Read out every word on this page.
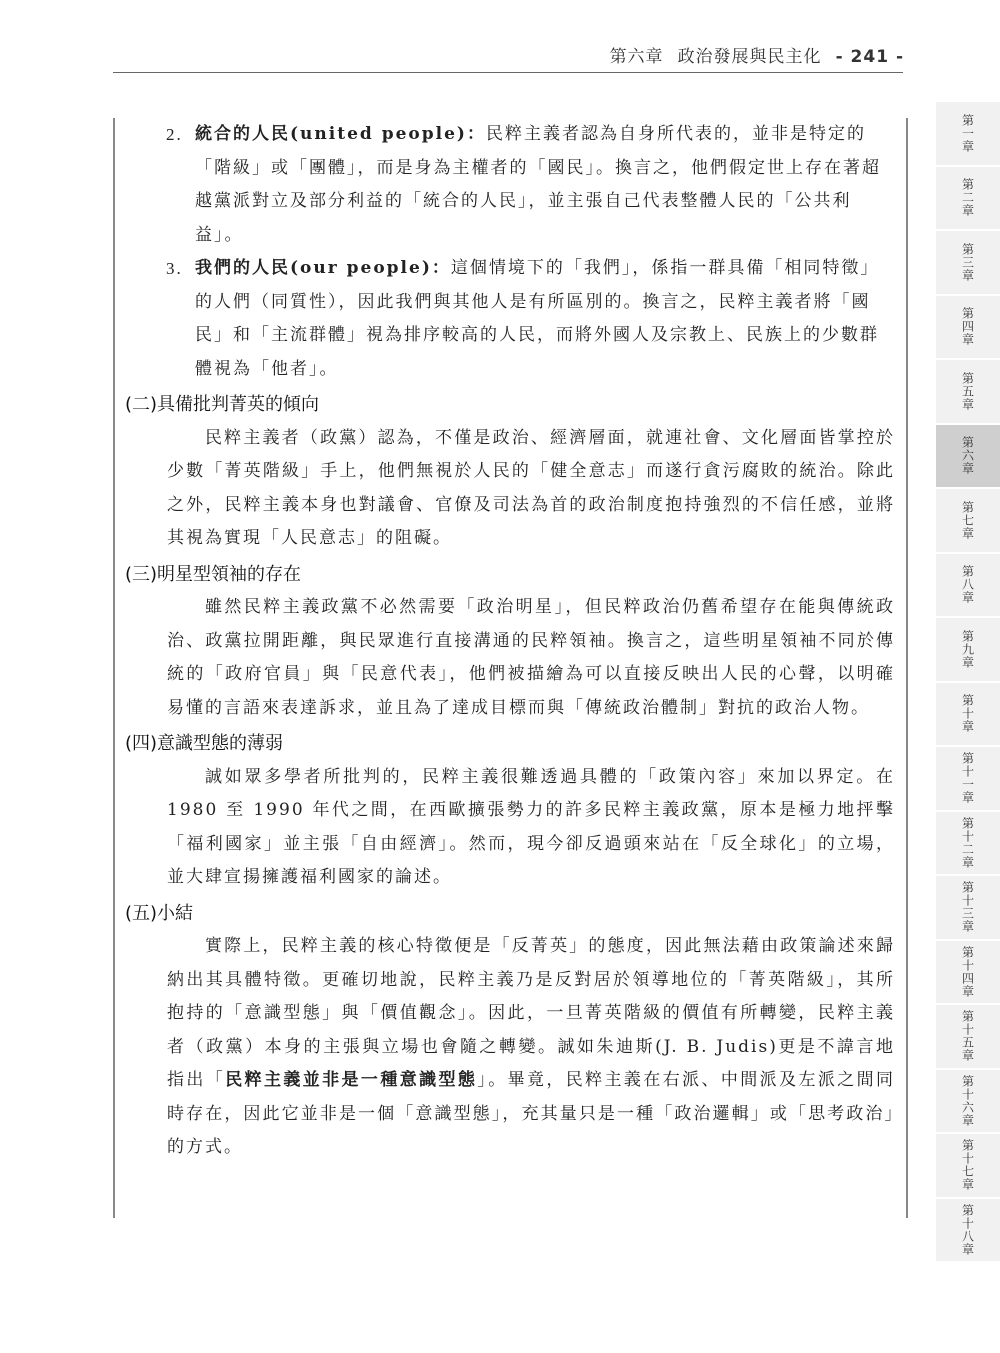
第六章 政治發展與民主化 - 241 -
2. 統合的人民(united people)：民粹主義者認為自身所代表的，並非是特定的「階級」或「團體」，而是身為主權者的「國民」。換言之，他們假定世上存在著超越黨派對立及部分利益的「統合的人民」，並主張自己代表整體人民的「公共利益」。
3. 我們的人民(our people)：這個情境下的「我們」，係指一群具備「相同特徵」的人們（同質性），因此我們與其他人是有所區別的。換言之，民粹主義者將「國民」和「主流群體」視為排序較高的人民，而將外國人及宗教上、民族上的少數群體視為「他者」。
(二)具備批判菁英的傾向
民粹主義者（政黨）認為，不僅是政治、經濟層面，就連社會、文化層面皆掌控於少數「菁英階級」手上，他們無視於人民的「健全意志」而遂行貪污腐敗的統治。除此之外，民粹主義本身也對議會、官僚及司法為首的政治制度抱持強烈的不信任感，並將其視為實現「人民意志」的阻礙。
(三)明星型領袖的存在
雖然民粹主義政黨不必然需要「政治明星」，但民粹政治仍舊希望存在能與傳統政治、政黨拉開距離，與民眾進行直接溝通的民粹領袖。換言之，這些明星領袖不同於傳統的「政府官員」與「民意代表」，他們被描繪為可以直接反映出人民的心聲，以明確易懂的言語來表達訴求，並且為了達成目標而與「傳統政治體制」對抗的政治人物。
(四)意識型態的薄弱
誠如眾多學者所批判的，民粹主義很難透過具體的「政策內容」來加以界定。在 1980 至 1990 年代之間，在西歐擴張勢力的許多民粹主義政黨，原本是極力地抨擊「福利國家」並主張「自由經濟」。然而，現今卻反過頭來站在「反全球化」的立場，並大肆宣揚擁護福利國家的論述。
(五)小結
實際上，民粹主義的核心特徵便是「反菁英」的態度，因此無法藉由政策論述來歸納出其具體特徵。更確切地說，民粹主義乃是反對居於領導地位的「菁英階級」，其所抱持的「意識型態」與「價值觀念」。因此，一旦菁英階級的價值有所轉變，民粹主義者（政黨）本身的主張與立場也會隨之轉變。誠如朱迪斯(J. B. Judis)更是不諱言地指出「民粹主義並非是一種意識型態」。畢竟，民粹主義在右派、中間派及左派之間同時存在，因此它並非是一個「意識型態」，充其量只是一種「政治邏輯」或「思考政治」的方式。
第一章
第二章
第三章
第四章
第五章
第六章
第七章
第八章
第九章
第十章
第十一章
第十二章
第十三章
第十四章
第十五章
第十六章
第十七章
第十八章
